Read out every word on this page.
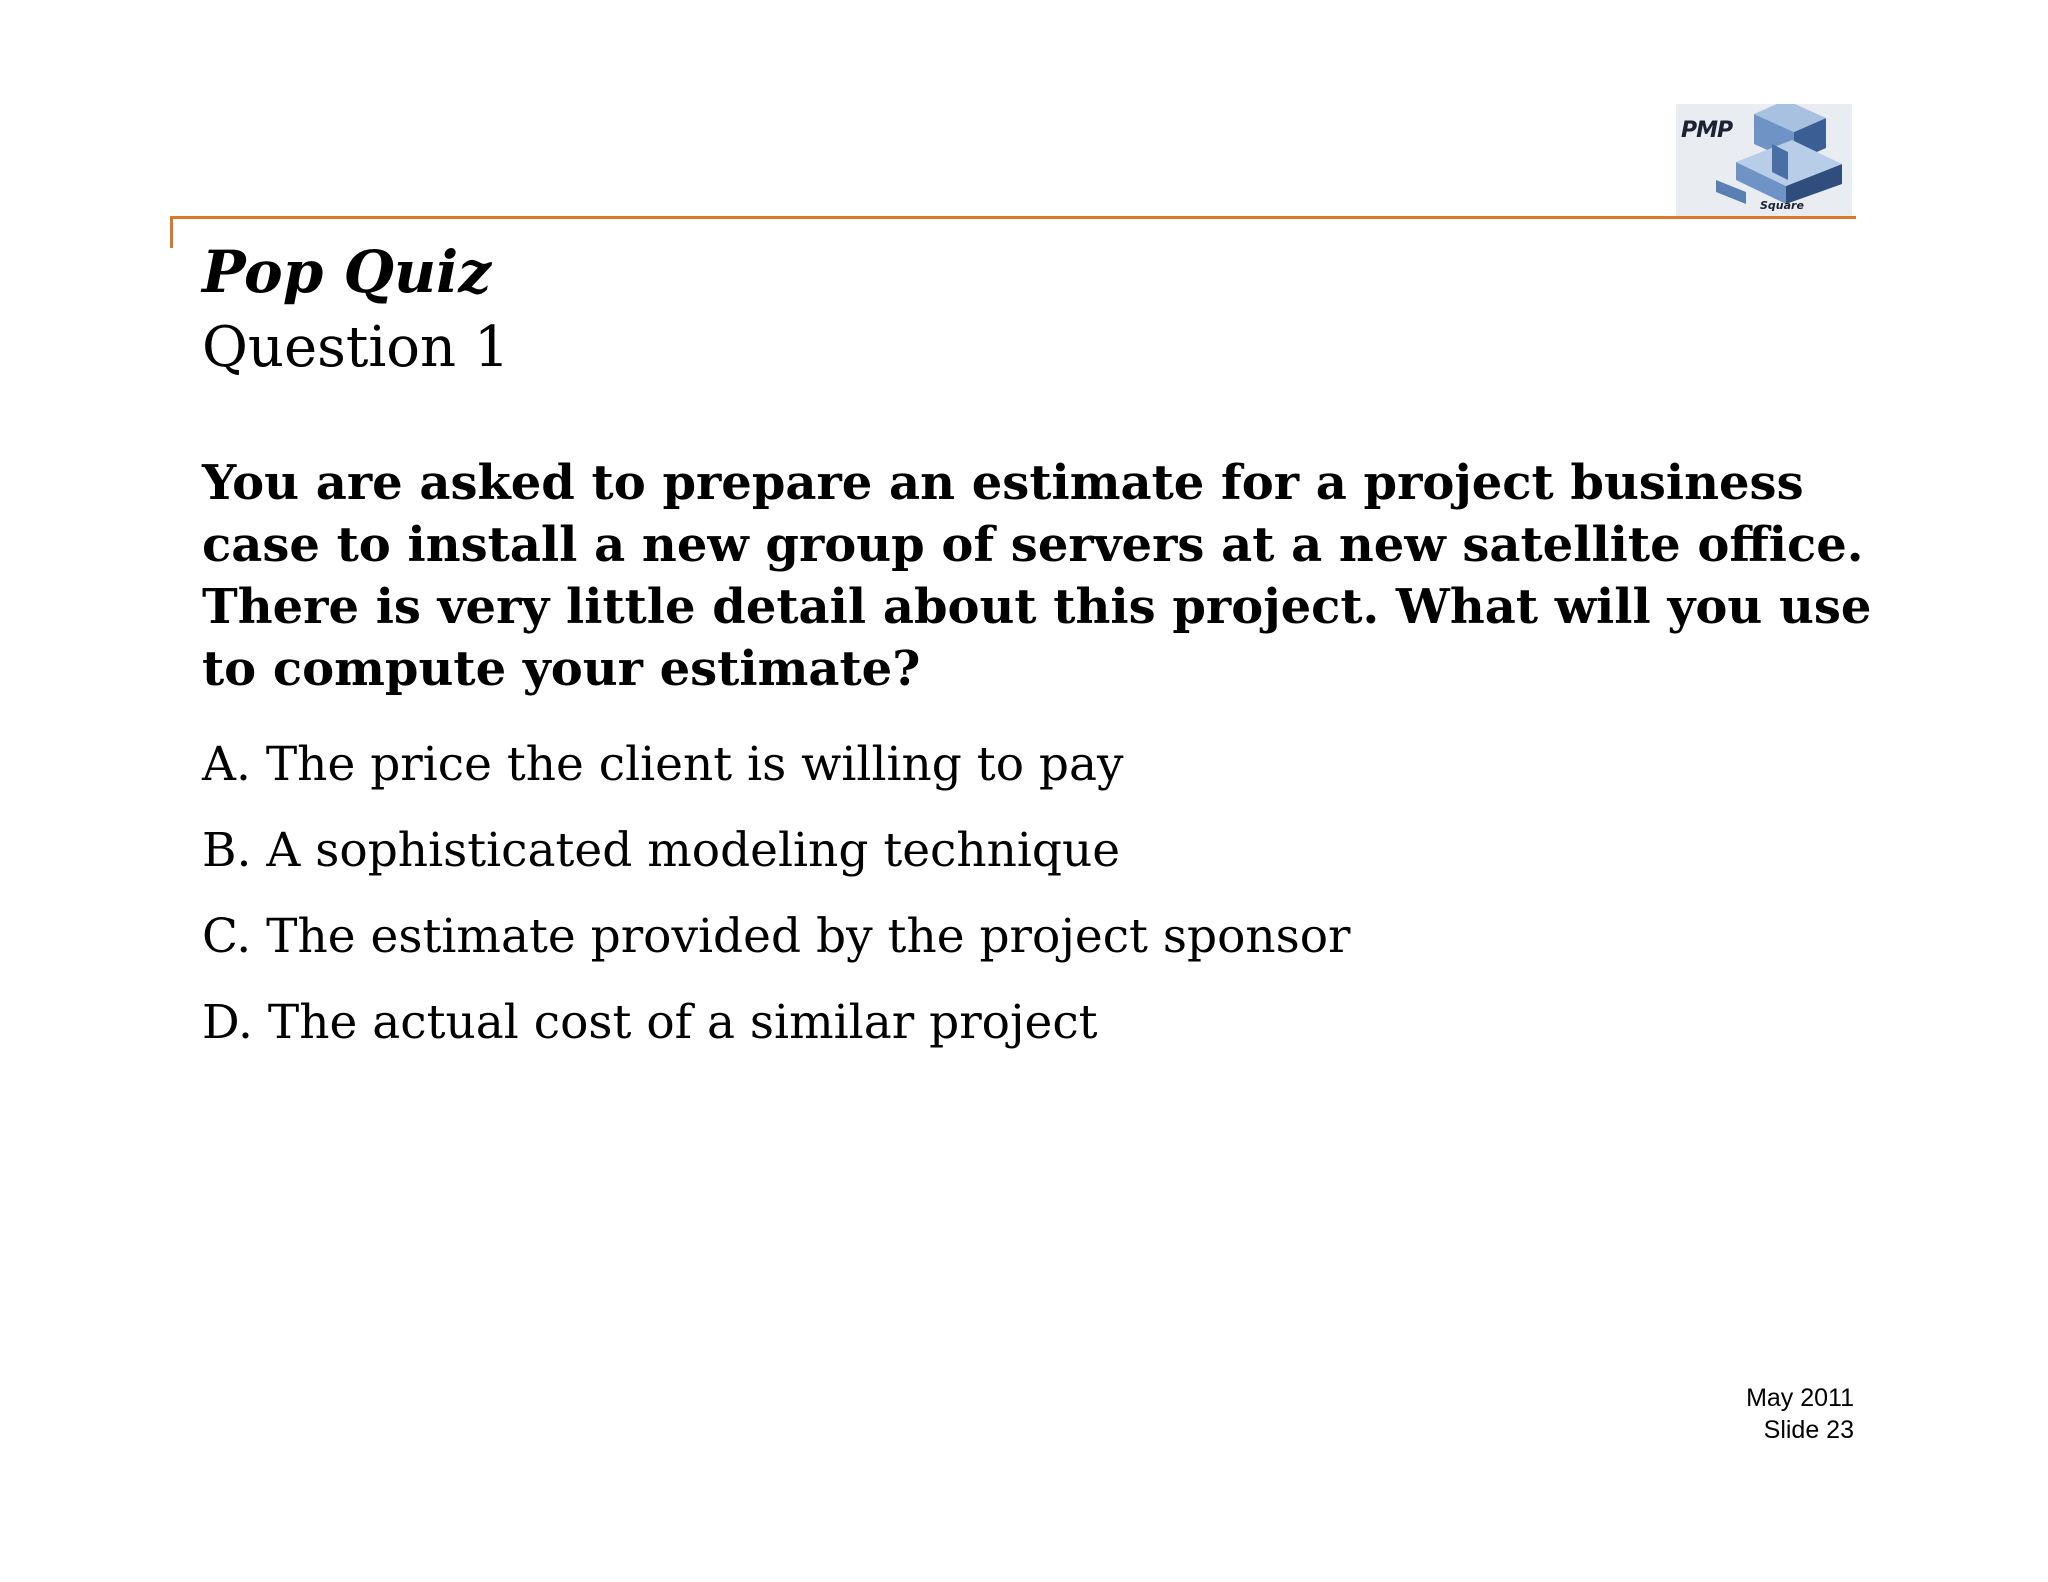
PMP
Square
Pop Quiz
Question 1
You are asked to prepare an estimate for a project business case to install a new group of servers at a new satellite office. There is very little detail about this project. What will you use to compute your estimate?
A. The price the client is willing to pay
B. A sophisticated modeling technique
C. The estimate provided by the project sponsor
D. The actual cost of a similar project
May 2011
Slide 23
